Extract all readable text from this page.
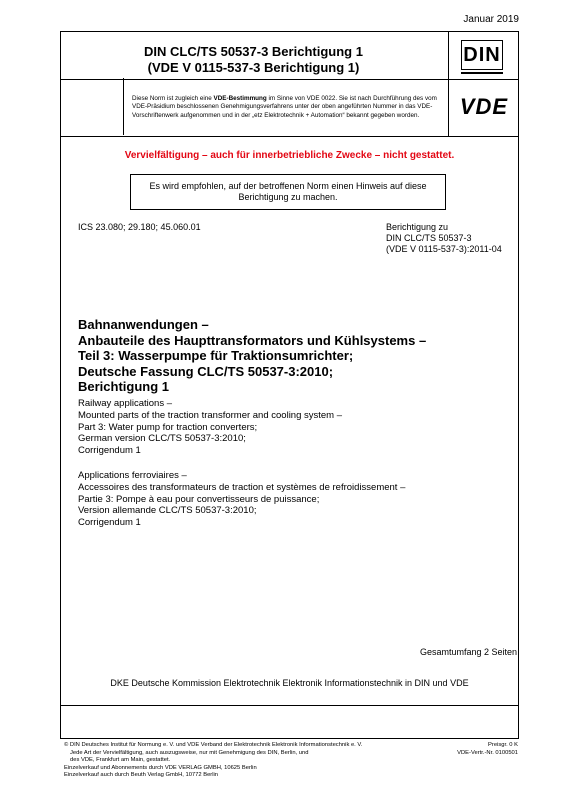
Januar 2019
DIN CLC/TS 50537-3 Berichtigung 1
(VDE V 0115-537-3 Berichtigung 1)
DIN
Diese Norm ist zugleich eine VDE-Bestimmung im Sinne von VDE 0022. Sie ist nach Durchführung des vom VDE-Präsidium beschlossenen Genehmigungsverfahrens unter der oben angeführten Nummer in das VDE-Vorschriftenwerk aufgenommen und in der „etz Elektrotechnik + Automation“ bekannt gegeben worden.	VDE
Vervielfältigung – auch für innerbetriebliche Zwecke – nicht gestattet.
Es wird empfohlen, auf der betroffenen Norm einen Hinweis auf diese Berichtigung zu machen.
ICS 23.080; 29.180; 45.060.01	Berichtigung zu
DIN CLC/TS 50537-3
(VDE V 0115-537-3):2011-04
Bahnanwendungen –
Anbauteile des Haupttransformators und Kühlsystems –
Teil 3: Wasserpumpe für Traktionsumrichter;
Deutsche Fassung CLC/TS 50537-3:2010;
Berichtigung 1
Railway applications –
Mounted parts of the traction transformer and cooling system –
Part 3: Water pump for traction converters;
German version CLC/TS 50537-3:2010;
Corrigendum 1
Applications ferroviaires –
Accessoires des transformateurs de traction et systèmes de refroidissement –
Partie 3: Pompe à eau pour convertisseurs de puissance;
Version allemande CLC/TS 50537-3:2010;
Corrigendum 1
Gesamtumfang 2 Seiten
DKE Deutsche Kommission Elektrotechnik Elektronik Informationstechnik in DIN und VDE
© DIN Deutsches Institut für Normung e. V. und VDE Verband der Elektrotechnik Elektronik Informationstechnik e. V.
Jede Art der Vervielfältigung, auch auszugsweise, nur mit Genehmigung des DIN, Berlin, und
des VDE, Frankfurt am Main, gestattet.
Einzelverkauf und Abonnements durch VDE VERLAG GMBH, 10625 Berlin
Einzelverkauf auch durch Beuth Verlag GmbH, 10772 Berlin
Preisgr. 0 K
VDE-Vertr.-Nr. 0100501
